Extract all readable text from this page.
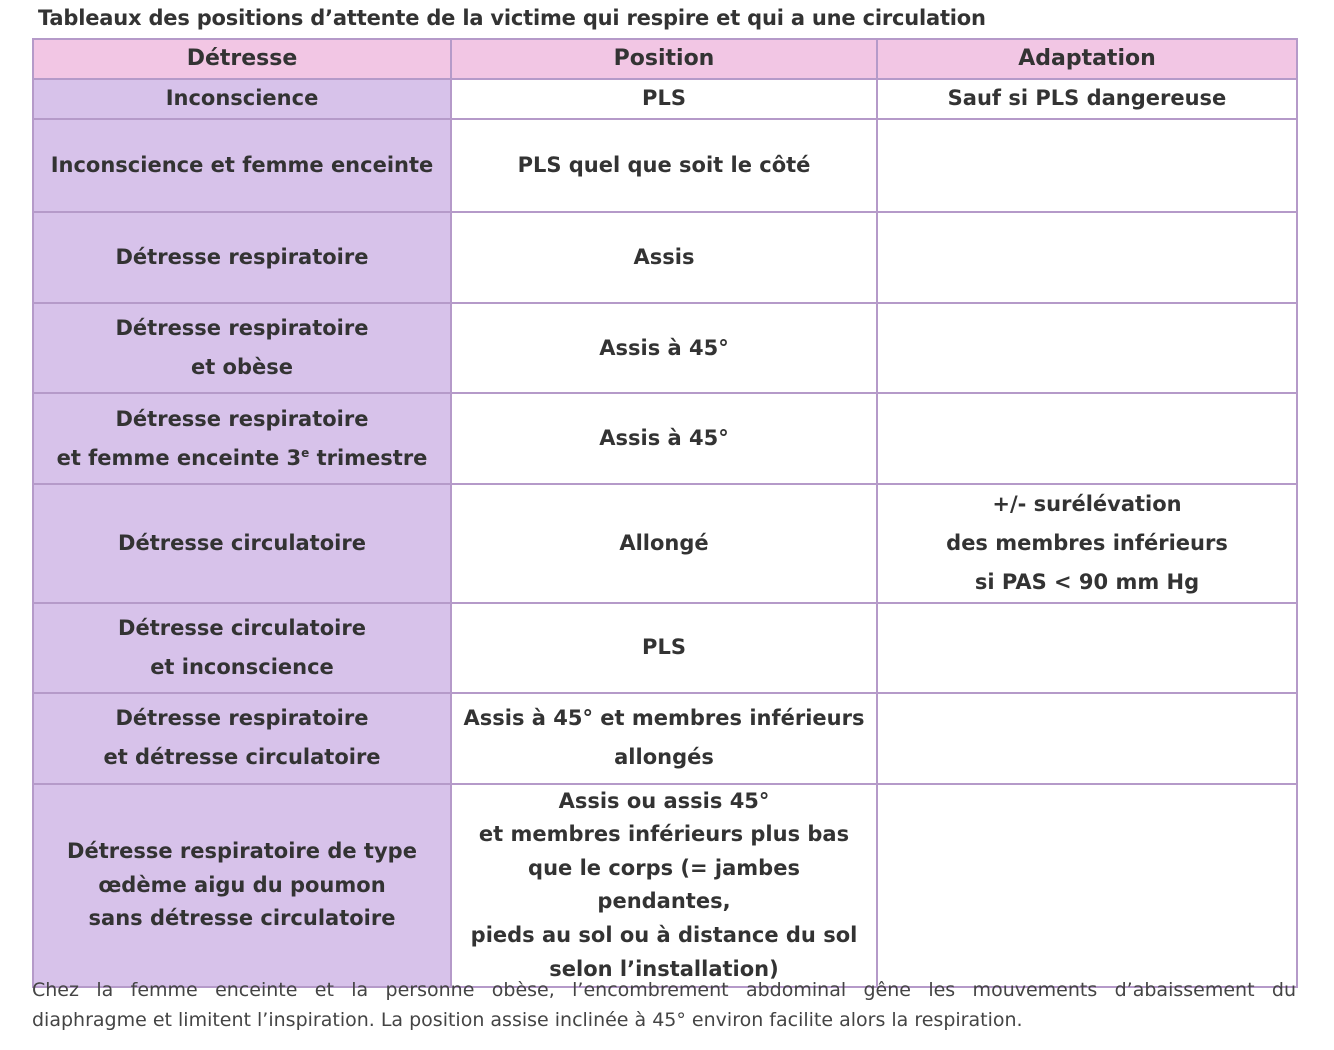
Tableaux des positions d’attente de la victime qui respire et qui a une circulation
Détresse	Position	Adaptation

Inconscience	PLS	Sauf si PLS dangereuse

Inconscience et femme enceinte	PLS quel que soit le côté	

Détresse respiratoire	Assis	

Détresse respiratoire
et obèse	Assis à 45°	

Détresse respiratoire
et femme enceinte 3e trimestre	Assis à 45°	

Détresse circulatoire	Allongé	+/- surélévation
des membres inférieurs
si PAS < 90 mm Hg

Détresse circulatoire
et inconscience	PLS	

Détresse respiratoire
et détresse circulatoire	Assis à 45° et membres inférieurs
allongés	

Détresse respiratoire de type
œdème aigu du poumon
sans détresse circulatoire	Assis ou assis 45°
et membres inférieurs plus bas
que le corps (= jambes pendantes,
pieds au sol ou à distance du sol
selon l’installation)	

Chez la femme enceinte et la personne obèse, l’encombrement abdominal gêne les mouvements d’abaissement du
diaphragme et limitent l’inspiration. La position assise inclinée à 45° environ facilite alors la respiration.
